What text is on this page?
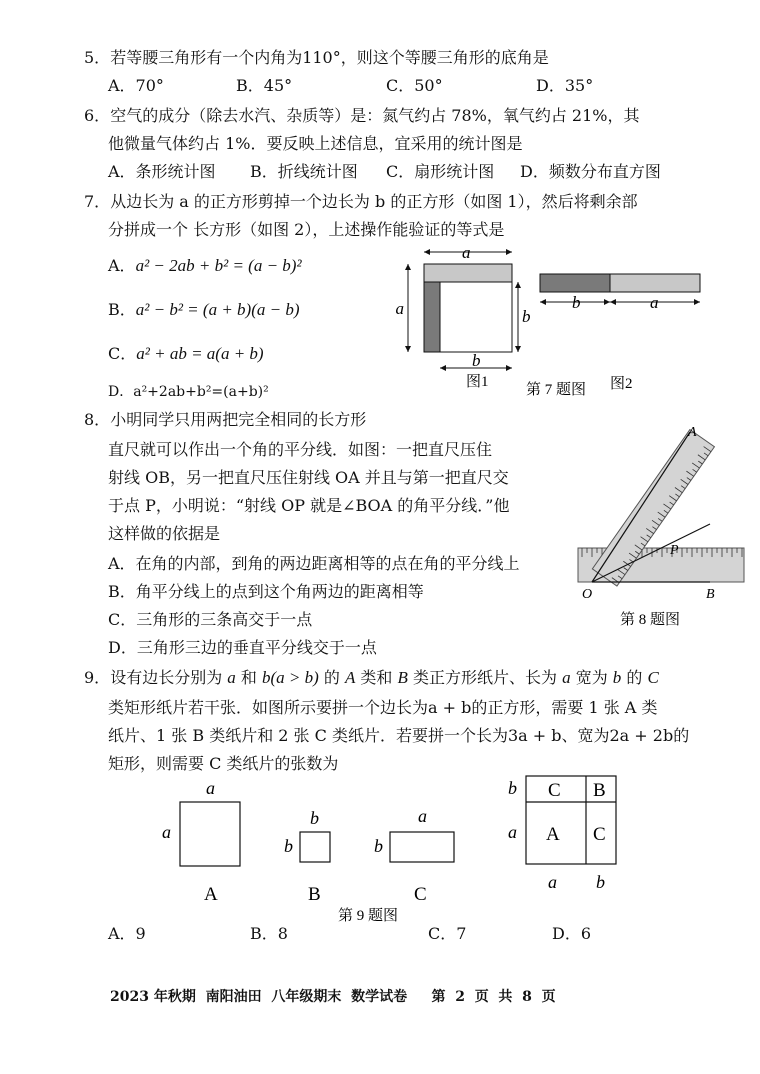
5．若等腰三角形有一个内角为110°，则这个等腰三角形的底角是
A．70°	B．45°	C．50°	D．35°
6．空气的成分（除去水汽、杂质等）是：氮气约占 78%，氧气约占 21%，其
他微量气体约占 1%．要反映上述信息，宜采用的统计图是
A．条形统计图 B．折线统计图 C．扇形统计图 D．频数分布直方图
7．从边长为 a 的正方形剪掉一个边长为 b 的正方形（如图 1），然后将剩余部
分拼成一个 长方形（如图 2），上述操作能验证的等式是
A．a² − 2ab + b² = (a − b)²
B．a² − b² = (a + b)(a − b)
C．a² + ab = a(a + b)
D．a²+2ab+b²=(a+b)²
a
a	b
b
图1 第 7 题图 图2
b	a
8．小明同学只用两把完全相同的长方形
直尺就可以作出一个角的平分线．如图：一把直尺压住
射线 OB，另一把直尺压住射线 OA 并且与第一把直尺交
于点 P，小明说：“射线 OP 就是∠BOA 的角平分线．”他
这样做的依据是
A．在角的内部，到角的两边距离相等的点在角的平分线上
B．角平分线上的点到这个角两边的距离相等
C．三角形的三条高交于一点
D．三角形三边的垂直平分线交于一点
A
P
O	B
第 8 题图
9．设有边长分别为 a 和 b(a > b) 的 A 类和 B 类正方形纸片、长为 a 宽为 b 的 C
类矩形纸片若干张．如图所示要拼一个边长为a + b的正方形，需要 1 张 A 类
纸片、1 张 B 类纸片和 2 张 C 类纸片．若要拼一个长为3a + b、宽为2a + 2b的
矩形，则需要 C 类纸片的张数为
a
a
A
b
b
B
a
b
C
b
a
C B
A C
a b
第 9 题图
A．9	B．8	C．7	D．6
2023 年秋期  南阳油田  八年级期末  数学试卷     第  2  页  共  8  页
